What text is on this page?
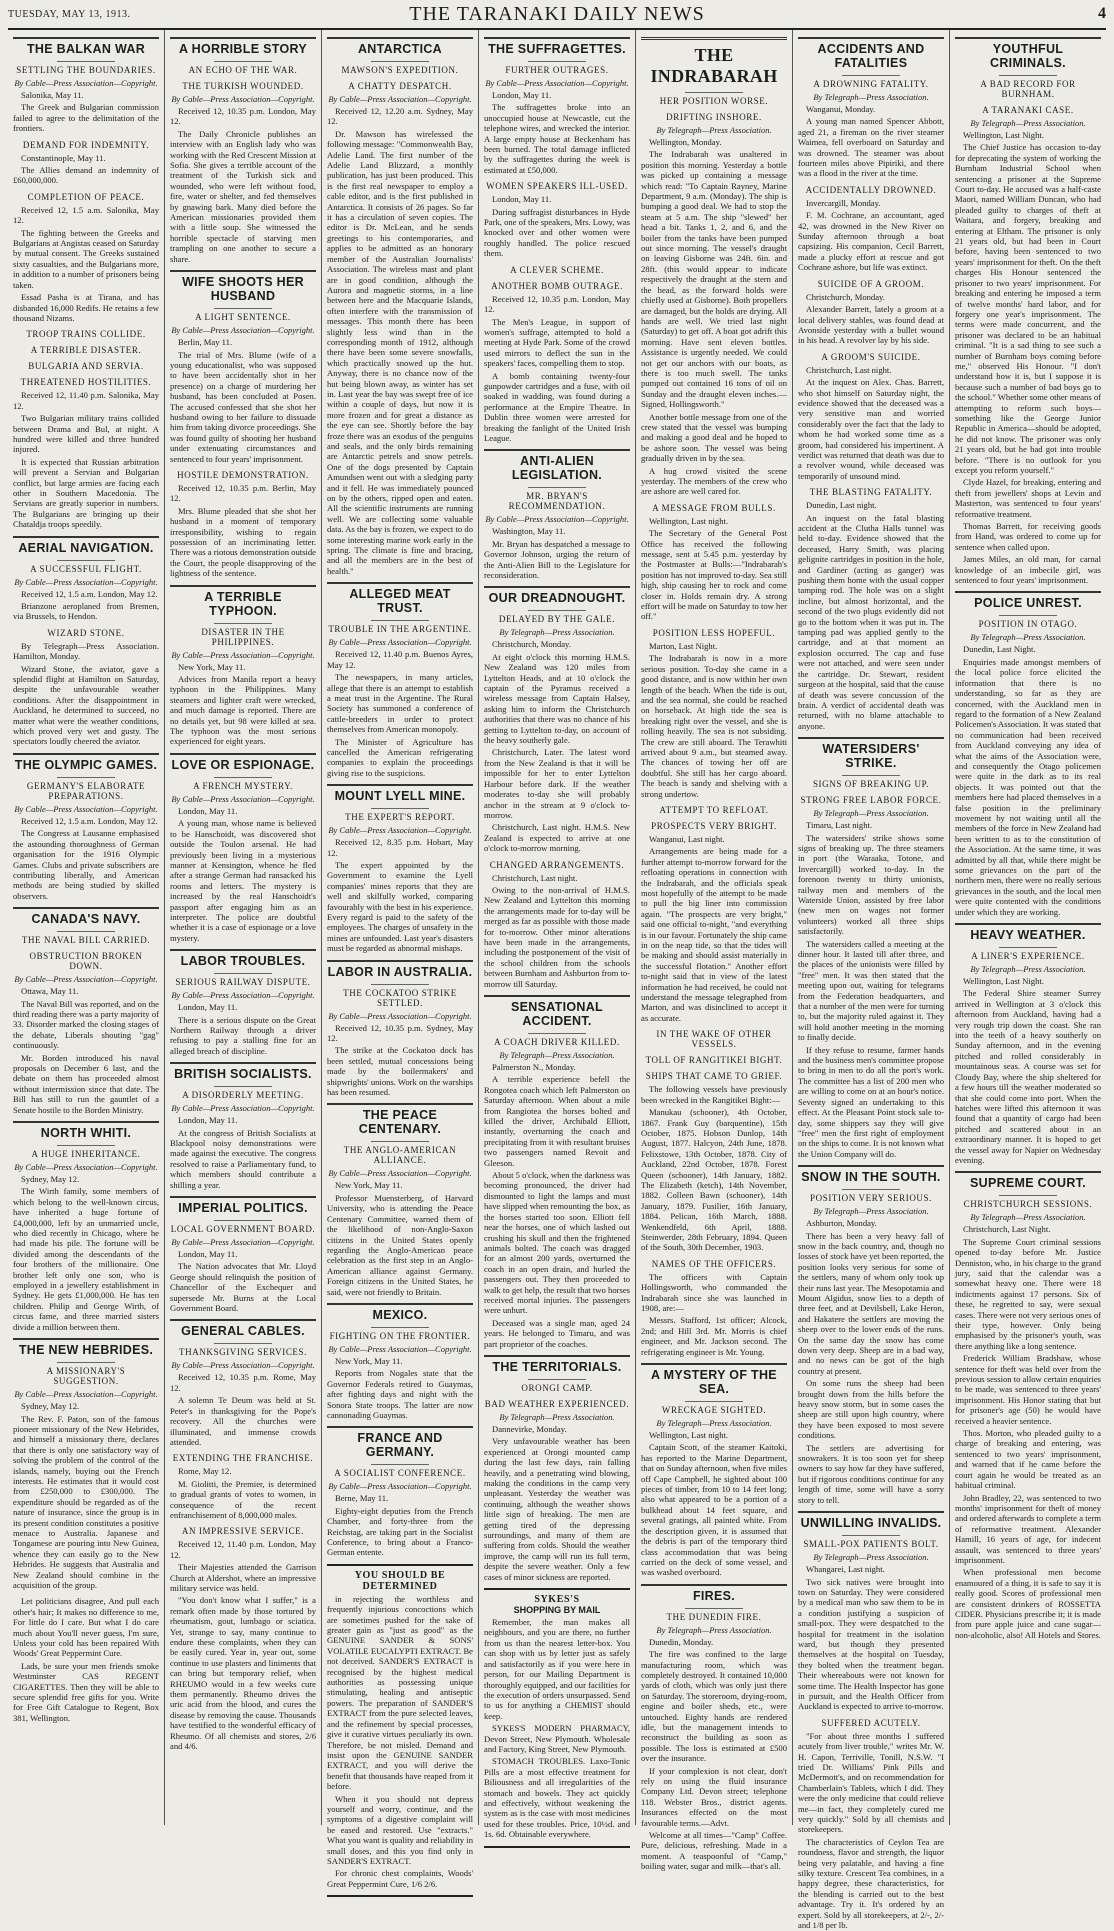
TUESDAY, MAY 13, 1913.	THE TARANAKI DAILY NEWS	4
THE BALKAN WAR
SETTLING THE BOUNDARIES.
By Cable—Press Association—Copyright.
Salonika, May 11.
The Greek and Bulgarian commission failed to agree to the delimitation of the frontiers.
DEMAND FOR INDEMNITY.
Constantinople, May 11.
The Allies demand an indemnity of £60,000,000.
COMPLETION OF PEACE.
Received 12, 1.5 a.m. Salonika, May 12.
The fighting between the Greeks and Bulgarians at Angistas ceased on Saturday by mutual consent. The Greeks sustained sixty casualties, and the Bulgarians more, in addition to a number of prisoners being taken.
Essad Pasha is at Tirana, and has disbanded 16,000 Redifs. He retains a few thousand Nizams.
TROOP TRAINS COLLIDE.
A TERRIBLE DISASTER.
BULGARIA AND SERVIA.
THREATENED HOSTILITIES.
Received 12, 11.40 p.m. Salonika, May 12.
Two Bulgarian military trains collided between Drama and Bul, at night. A hundred were killed and three hundred injured.
It is expected that Russian arbitration will prevent a Servian and Bulgarian conflict, but large armies are facing each other in Southern Macedonia. The Servians are greatly superior in numbers. The Bulgarians are bringing up their Chataldja troops speedily.
AERIAL NAVIGATION.
A SUCCESSFUL FLIGHT.
By Cable—Press Association—Copyright.
Received 12, 1.5 a.m. London, May 12.
Brianzone aeroplaned from Bremen, via Brussels, to Hendon.
WIZARD STONE.
By Telegraph—Press Association. Hamilton, Monday.
Wizard Stone, the aviator, gave a splendid flight at Hamilton on Saturday, despite the unfavourable weather conditions. After the disappointment in Auckland, he determined to succeed, no matter what were the weather conditions, which proved very wet and gusty. The spectators loudly cheered the aviator.
THE OLYMPIC GAMES.
GERMANY'S ELABORATE PREPARATIONS.
By Cable—Press Association—Copyright.
Received 12, 1.5 a.m. London, May 12.
The Congress at Lausanne emphasised the astounding thoroughness of German organisation for the 1916 Olympic Games. Clubs and private subscribers are contributing liberally, and American methods are being studied by skilled observers.
CANADA'S NAVY.
THE NAVAL BILL CARRIED.
OBSTRUCTION BROKEN DOWN.
By Cable—Press Association—Copyright.
Ottawa, May 11.
The Naval Bill was reported, and on the third reading there was a party majority of 33. Disorder marked the closing stages of the debate, Liberals shouting "gag" continuously.
Mr. Borden introduced his naval proposals on December 6 last, and the debate on them has proceeded almost without intermission since that date. The Bill has still to run the gauntlet of a Senate hostile to the Borden Ministry.
NORTH WHITI.
A HUGE INHERITANCE.
By Cable—Press Association—Copyright.
Sydney, May 12.
The Wirth family, some members of which belong to the well-known circus, have inherited a huge fortune of £4,000,000, left by an unmarried uncle, who died recently in Chicago, where he had made his pile. The fortune will be divided among the descendants of the four brothers of the millionaire. One brother left only one son, who is employed in a jewellery establishment in Sydney. He gets £1,000,000. He has ten children. Philip and George Wirth, of circus fame, and three married sisters divide a million between them.
THE NEW HEBRIDES.
A MISSIONARY'S SUGGESTION.
By Cable—Press Association—Copyright.
Sydney, May 12.
The Rev. F. Paton, son of the famous pioneer missionary of the New Hebrides, and himself a missionary there, declares that there is only one satisfactory way of solving the problem of the control of the islands, namely, buying out the French interests. He estimates that it would cost from £250,000 to £300,000. The expenditure should be regarded as of the nature of insurance, since the group is in its present condition constitutes a positive menace to Australia. Japanese and Tongamese are pouring into New Guinea, whence they can easily go to the New Hebrides. He suggests that Australia and New Zealand should combine in the acquisition of the group.
Let politicians disagree, And pull each other's hair; It makes no difference to me, For little do I care. But what I do care much about You'll never guess, I'm sure, Unless your cold has been repaired With Woods' Great Peppermint Cure.
Lads, be sure your men friends smoke Westminster CAS REGENT CIGARETTES. Then they will be able to secure splendid free gifts for you. Write for Free Gift Catalogue to Regent, Box 381, Wellington.
A HORRIBLE STORY
AN ECHO OF THE WAR.
THE TURKISH WOUNDED.
By Cable—Press Association—Copyright.
Received 12, 10.35 p.m. London, May 12.
The Daily Chronicle publishes an interview with an English lady who was working with the Red Crescent Mission at Sofia. She gives a terrible account of the treatment of the Turkish sick and wounded, who were left without food, fire, water or shelter, and fed themselves by gnawing bark. Many died before the American missionaries provided them with a little soup. She witnessed the horrible spectacle of starving men trampling on one another to secure a share.
WIFE SHOOTS HER HUSBAND
A LIGHT SENTENCE.
By Cable—Press Association—Copyright.
Berlin, May 11.
The trial of Mrs. Blume (wife of a young educationalist, who was supposed to have been accidentally shot in her presence) on a charge of murdering her husband, has been concluded at Posen. The accused confessed that she shot her husband owing to her failure to dissuade him from taking divorce proceedings. She was found guilty of shooting her husband under extenuating circumstances and sentenced to four years' imprisonment.
HOSTILE DEMONSTRATION.
Received 12, 10.35 p.m. Berlin, May 12.
Mrs. Blume pleaded that she shot her husband in a moment of temporary irresponsibility, wishing to regain possession of an incriminating letter. There was a riotous demonstration outside the Court, the people disapproving of the lightness of the sentence.
A TERRIBLE TYPHOON.
DISASTER IN THE PHILIPPINES.
By Cable—Press Association—Copyright.
New York, May 11.
Advices from Manila report a heavy typhoon in the Philippines. Many steamers and lighter craft were wrecked, and much damage is reported. There are no details yet, but 98 were killed at sea. The typhoon was the most serious experienced for eight years.
LOVE OR ESPIONAGE.
A FRENCH MYSTERY.
By Cable—Press Association—Copyright.
London, May 11.
A young man, whose name is believed to be Hanschoidt, was discovered shot outside the Toulon arsenal. He had previously been living in a mysterious manner at Kensington, whence he fled after a strange German had ransacked his rooms and letters. The mystery is increased by the real Hanschoidt's passport after engaging him as an interpreter. The police are doubtful whether it is a case of espionage or a love mystery.
LABOR TROUBLES.
SERIOUS RAILWAY DISPUTE.
By Cable—Press Association—Copyright.
London, May 11.
There is a serious dispute on the Great Northern Railway through a driver refusing to pay a stalling fine for an alleged breach of discipline.
BRITISH SOCIALISTS.
A DISORDERLY MEETING.
By Cable—Press Association—Copyright.
London, May 11.
At the congress of British Socialists at Blackpool noisy demonstrations were made against the executive. The congress resolved to raise a Parliamentary fund, to which members should contribute a shilling a year.
IMPERIAL POLITICS.
LOCAL GOVERNMENT BOARD.
By Cable—Press Association—Copyright.
London, May 11.
The Nation advocates that Mr. Lloyd George should relinquish the position of Chancellor of the Exchequer and supersede Mr. Burns at the Local Government Board.
GENERAL CABLES.
THANKSGIVING SERVICES.
By Cable—Press Association—Copyright.
Received 12, 10.35 p.m. Rome, May 12.
A solemn Te Deum was held at St. Peter's in thanksgiving for the Pope's recovery. All the churches were illuminated, and immense crowds attended.
EXTENDING THE FRANCHISE.
Rome, May 12.
M. Giolitti, the Premier, is determined to gradual grants of votes to women, in consequence of the recent enfranchisement of 8,000,000 males.
AN IMPRESSIVE SERVICE.
Received 12, 11.40 p.m. London, May 12.
Their Majesties attended the Garrison Church at Aldershot, where an impressive military service was held.
"You don't know what I suffer," is a remark often made by those tortured by rheumatism, gout, lumbago or sciatica. Yet, strange to say, many continue to endure these complaints, when they can be easily cured. Year in, year out, some continue to use plasters and liniments that can bring but temporary relief, when RHEUMO would in a few weeks cure them permanently. Rheumo drives the uric acid from the blood, and cures the disease by removing the cause. Thousands have testified to the wonderful efficacy of Rheumo. Of all chemists and stores, 2/6 and 4/6.
ANTARCTICA
MAWSON'S EXPEDITION.
A CHATTY DESPATCH.
By Cable—Press Association—Copyright.
Received 12, 12.20 a.m. Sydney, May 12.
Dr. Mawson has wirelessed the following message: "Commonwealth Bay, Adelie Land. The first number of the Adelie Land Blizzard, a monthly publication, has just been produced. This is the first real newspaper to employ a cable editor, and is the first published in Antarctica. It consists of 26 pages. So far it has a circulation of seven copies. The editor is Dr. McLean, and he sends greetings to his contemporaries, and applies to be admitted as an honorary member of the Australian Journalists' Association. The wireless mast and plant are in good condition, although the Aurora and magnetic storms, in a line between here and the Macquarie Islands, often interfere with the transmission of messages. This month there has been slightly less wind than in the corresponding month of 1912, although there have been some severe snowfalls, which practically snowed up the hut. Anyway, there is no chance now of the hut being blown away, as winter has set in. Last year the bay was swept free of ice within a couple of days, but now it is more frozen and for great a distance as the eye can see. Shortly before the bay froze there was an exodus of the penguins and seals, and the only birds remaining are Antarctic petrels and snow petrels. One of the dogs presented by Captain Amundsen went out with a sledging party and it fell. He was immediately pounced on by the others, ripped open and eaten. All the scientific instruments are running well. We are collecting some valuable data. As the bay is frozen, we expect to do some interesting marine work early in the spring. The climate is fine and bracing, and all the members are in the best of health."
ALLEGED MEAT TRUST.
TROUBLE IN THE ARGENTINE.
By Cable—Press Association—Copyright.
Received 12, 11.40 p.m. Buenos Ayres, May 12.
The newspapers, in many articles, allege that there is an attempt to establish a meat trust in the Argentine. The Rural Society has summoned a conference of cattle-breeders in order to protect themselves from American monopoly.
The Minister of Agriculture has cancelled the American refrigerating companies to explain the proceedings giving rise to the suspicions.
MOUNT LYELL MINE.
THE EXPERT'S REPORT.
By Cable—Press Association—Copyright.
Received 12, 8.35 p.m. Hobart, May 12.
The expert appointed by the Government to examine the Lyell companies' mines reports that they are well and skilfully worked, comparing favourably with the best in his experience. Every regard is paid to the safety of the employees. The charges of unsafety in the mines are unfounded. Last year's disasters must be regarded as abnormal mishaps.
LABOR IN AUSTRALIA.
THE COCKATOO STRIKE SETTLED.
By Cable—Press Association—Copyright.
Received 12, 10.35 p.m. Sydney, May 12.
The strike at the Cockatoo dock has been settled, mutual concessions being made by the boilermakers' and shipwrights' unions. Work on the warships has been resumed.
THE PEACE CENTENARY.
THE ANGLO-AMERICAN ALLIANCE.
By Cable—Press Association—Copyright.
New York, May 11.
Professor Muensterberg, of Harvard University, who is attending the Peace Centenary Committee, warned them of the likelihood of non-Anglo-Saxon citizens in the United States openly regarding the Anglo-American peace celebration as the first step in an Anglo-American alliance against Germany. Foreign citizens in the United States, he said, were not friendly to Britain.
MEXICO.
FIGHTING ON THE FRONTIER.
By Cable—Press Association—Copyright.
New York, May 11.
Reports from Nogales state that the Governor Federals retired to Guaymas, after fighting days and night with the Sonora State troops. The latter are now cannonading Guaymas.
FRANCE AND GERMANY.
A SOCIALIST CONFERENCE.
By Cable—Press Association—Copyright.
Berne, May 11.
Eighty-eight deputies from the French Chamber, and forty-three from the Reichstag, are taking part in the Socialist Conference, to bring about a Franco-German entente.
YOU SHOULD BE DETERMINED
in rejecting the worthless and frequently injurious concoctions which are sometimes pushed for the sake of greater gain as "just as good" as the GENUINE SANDER & SONS' VOLATILE EUCALYPTI EXTRACT. Be not deceived. SANDER'S EXTRACT is recognised by the highest medical authorities as possessing unique stimulating, healing and antiseptic powers. The preparation of SANDER'S EXTRACT from the pure selected leaves, and the refinement by special processes, give it curative virtues peculiarly its own. Therefore, be not misled. Demand and insist upon the GENUINE SANDER EXTRACT, and you will derive the benefit that thousands have reaped from it before.
When it you should not depress yourself and worry, continue, and the symptoms of a digestive complaint will be eased and restored. Use "extracts." What you want is quality and reliability in small doses, and this you find only in SANDER'S EXTRACT.
For chronic chest complaints, Woods' Great Peppermint Cure, 1/6 2/6.
THE SUFFRAGETTES.
FURTHER OUTRAGES.
By Cable—Press Association—Copyright.
London, May 11.
The suffragettes broke into an unoccupied house at Newcastle, cut the telephone wires, and wrecked the interior. A large empty house at Beckenham has been burned. The total damage inflicted by the suffragettes during the week is estimated at £50,000.
WOMEN SPEAKERS ILL-USED.
London, May 11.
During suffragist disturbances in Hyde Park, one of the speakers, Mrs. Lowy, was knocked over and other women were roughly handled. The police rescued them.
A CLEVER SCHEME.
ANOTHER BOMB OUTRAGE.
Received 12, 10.35 p.m. London, May 12.
The Men's League, in support of women's suffrage, attempted to hold a meeting at Hyde Park. Some of the crowd used mirrors to deflect the sun in the speakers' faces, compelling them to stop.
A bomb containing twenty-four gunpowder cartridges and a fuse, with oil soaked in wadding, was found during a performance at the Empire Theatre. In Dublin three women were arrested for breaking the fanlight of the United Irish League.
ANTI-ALIEN LEGISLATION.
MR. BRYAN'S RECOMMENDATION.
By Cable—Press Association—Copyright.
Washington, May 11.
Mr. Bryan has despatched a message to Governor Johnson, urging the return of the Anti-Alien Bill to the Legislature for reconsideration.
OUR DREADNOUGHT.
DELAYED BY THE GALE.
By Telegraph—Press Association.
Christchurch, Monday.
At eight o'clock this morning H.M.S. New Zealand was 120 miles from Lyttelton Heads, and at 10 o'clock the captain of the Pyramus received a wireless message from Captain Halsey, asking him to inform the Christchurch authorities that there was no chance of his getting to Lyttelton to-day, on account of the heavy southerly gale.
Christchurch, Later. The latest word from the New Zealand is that it will be impossible for her to enter Lyttelton Harbour before dark. If the weather moderates to-day she will probably anchor in the stream at 9 o'clock to-morrow.
Christchurch, Last night. H.M.S. New Zealand is expected to arrive at one o'clock to-morrow morning.
CHANGED ARRANGEMENTS.
Christchurch, Last night.
Owing to the non-arrival of H.M.S. New Zealand and Lyttelton this morning the arrangements made for to-day will be merged as far as possible with those made for to-morrow. Other minor alterations have been made in the arrangements, including the postponement of the visit of the school children from the schools between Burnham and Ashburton from to-morrow till Saturday.
SENSATIONAL ACCIDENT.
A COACH DRIVER KILLED.
By Telegraph—Press Association.
Palmerston N., Monday.
A terrible experience befell the Rongotea coach which left Palmerston on Saturday afternoon. When about a mile from Rangiotea the horses bolted and killed the driver, Archibald Elliott, instantly, overturning the coach and precipitating from it with resultant bruises two passengers named Revoit and Gleeson.
About 5 o'clock, when the darkness was becoming pronounced, the driver had dismounted to light the lamps and must have slipped when remounting the box, as the horses started too soon. Elliott fell near the horses, one of which lashed out crushing his skull and then the frightened animals bolted. The coach was dragged for an almost 200 yards, overturned the coach in an open drain, and hurled the passengers out. They then proceeded to walk to get help, the result that two horses received mortal injuries. The passengers were unhurt.
Deceased was a single man, aged 24 years. He belonged to Timaru, and was part proprietor of the coaches.
THE TERRITORIALS.
ORONGI CAMP.
BAD WEATHER EXPERIENCED.
By Telegraph—Press Association.
Dannevirke, Monday.
Very unfavourable weather has been experienced at Orongi mounted camp during the last few days, rain falling heavily, and a penetrating wind blowing, making the conditions in the camp very unpleasant. Yesterday the weather was continuing, although the weather shows little sign of breaking. The men are getting tired of the depressing surroundings, and many of them are suffering from colds. Should the weather improve, the camp will run its full term, despite the severe weather. Only a few cases of minor sickness are reported.
SYKES'S
SHOPPING BY MAIL
Remember, the man makes all neighbours, and you are there, no further from us than the nearest letter-box. You can shop with us by letter just as safely and satisfactorily as if you were here in person, for our Mailing Department is thoroughly equipped, and our facilities for the execution of orders unsurpassed. Send to us for anything a CHEMIST should keep.
SYKES'S MODERN PHARMACY, Devon Street, New Plymouth. Wholesale and Factory, King Street, New Plymouth.
STOMACH TROUBLES. Laxo-Tonic Pills are a most effective treatment for Biliousness and all irregularities of the stomach and bowels. They act quickly and effectively, without weakening the system as is the case with most medicines used for these troubles. Price, 10½d. and 1s. 6d. Obtainable everywhere.
THE INDRABARAH
HER POSITION WORSE.
DRIFTING INSHORE.
By Telegraph—Press Association.
Wellington, Monday.
The Indrabarah was unaltered in position this morning. Yesterday a bottle was picked up containing a message which read: "To Captain Rayney, Marine Department, 9 a.m. (Monday). The ship is bumping a good deal. We had to stop the steam at 5 a.m. The ship "slewed" her head a bit. Tanks 1, 2, and 6, and the boiler from the tanks have been pumped out since morning. The vessel's draught on leaving Gisborne was 24ft. 6in. and 28ft. (this would appear to indicate respectively the draught at the stern and the head, as the forward holds were chiefly used at Gisborne). Both propellers are damaged, but the holds are drying. All hands are well. We tried last night (Saturday) to get off. A boat got adrift this morning. Have sent eleven bottles. Assistance is urgently needed. We could not get our anchors with our boats, as there is too much swell. The tanks pumped out contained 16 tons of oil on Sunday and the draught eleven inches.—Signed, Hollingsworth."
Another bottle message from one of the crew stated that the vessel was bumping and making a good deal and he hoped to be ashore soon. The vessel was being gradually driven in by the sea.
A hug crowd visited the scene yesterday. The members of the crew who are ashore are well cared for.
A MESSAGE FROM BULLS.
Wellington, Last night.
The Secretary of the General Post Office has received the following message, sent at 5.45 p.m. yesterday by the Postmaster at Bulls:—"Indrabarah's position has not improved to-day. Sea still high, ship causing her to rock and come closer in. Holds remain dry. A strong effort will be made on Saturday to tow her off."
POSITION LESS HOPEFUL.
Marton, Last Night.
The Indrabarah is now in a more serious position. To-day she came in a good distance, and is now within her own length of the beach. When the tide is out, and the sea normal, she could be reached on horseback. At high tide the sea is breaking right over the vessel, and she is rolling heavily. The sea is not subsiding. The crew are still aboard. The Terawhiti arrived about 9 a.m., but steamed away. The chances of towing her off are doubtful. She still has her cargo aboard. The beach is sandy and shelving with a strong undertow.
ATTEMPT TO REFLOAT.
PROSPECTS VERY BRIGHT.
Wanganui, Last night.
Arrangements are being made for a further attempt to-morrow forward for the refloating operations in connection with the Indrabarah, and the officials speak most hopefully of the attempt to be made to pull the big liner into commission again. "The prospects are very bright," said one official to-night, "and everything is in our favour. Fortunately the ship came in on the neap tide, so that the tides will be making and should assist materially in the successful flotation." Another effort to-night said that in view of the latest information he had received, he could not understand the message telegraphed from Marton, and was disinclined to accept it as accurate.
IN THE WAKE OF OTHER VESSELS.
TOLL OF RANGITIKEI BIGHT.
SHIPS THAT CAME TO GRIEF.
The following vessels have previously been wrecked in the Rangitikei Bight:—
Manukau (schooner), 4th October, 1867. Frank Guy (barquentine), 15th October, 1875. Hobson Dunlop, 14th August, 1877. Halcyon, 24th June, 1878. Felixstowe, 13th October, 1878. City of Auckland, 22nd October, 1878. Forest Queen (schooner), 14th January, 1882. The Elizabeth (ketch), 14th November, 1882. Colleen Bawn (schooner), 14th January, 1879. Fusilier, 16th January, 1884. Pelican, 16th March, 1888. Wenkendfeld, 6th April, 1888. Steinwerder, 28th February, 1894. Queen of the South, 30th December, 1903.
NAMES OF THE OFFICERS.
The officers with Captain Hollingsworth, who commanded the Indrabarah since she was launched in 1908, are:—
Messrs. Stafford, 1st officer; Alcock, 2nd; and Hill 3rd. Mr. Morris is chief engineer, and Mr. Jackson second. The refrigerating engineer is Mr. Young.
A MYSTERY OF THE SEA.
WRECKAGE SIGHTED.
By Telegraph—Press Association.
Wellington, Last night.
Captain Scott, of the steamer Kaitoki, has reported to the Marine Department, that on Sunday afternoon, when five miles off Cape Campbell, he sighted about 100 pieces of timber, from 10 to 14 feet long; also what appeared to be a portion of a bulkhead about 14 feet square, and several gratings, all painted white. From the description given, it is assumed that the debris is part of the temporary third class accommodation that was being carried on the deck of some vessel, and was washed overboard.
FIRES.
THE DUNEDIN FIRE.
By Telegraph—Press Association.
Dunedin, Monday.
The fire was confined to the large manufacturing room, which was completely destroyed. It contained 10,000 yards of cloth, which was only just there on Saturday. The storeroom, drying-room, engine and boiler sheds, etc., were untouched. Eighty hands are rendered idle, but the management intends to reconstruct the building as soon as possible. The loss is estimated at £500 over the insurance.
If your complexion is not clear, don't rely on using the fluid insurance Company Ltd. Devon street; telephone 118. Webster Bros., district agents. Insurances effected on the most favourable terms.—Advt.
Welcome at all times—"Camp" Coffee. Pure, delicious, refreshing. Made in a moment. A teaspoonful of "Camp," boiling water, sugar and milk—that's all.
ACCIDENTS AND FATALITIES
A DROWNING FATALITY.
By Telegraph—Press Association.
Wanganui, Monday.
A young man named Spencer Abbott, aged 21, a fireman on the river steamer Waimea, fell overboard on Saturday and was drowned. The steamer was about fourteen miles above Pipiriki, and there was a flood in the river at the time.
ACCIDENTALLY DROWNED.
Invercargill, Monday.
F. M. Cochrane, an accountant, aged 42, was drowned in the New River on Sunday afternoon through a boat capsizing. His companion, Cecil Barrett, made a plucky effort at rescue and got Cochrane ashore, but life was extinct.
SUICIDE OF A GROOM.
Christchurch, Monday.
Alexander Barrett, lately a groom at a local delivery stables, was found dead at Avonside yesterday with a bullet wound in his head. A revolver lay by his side.
A GROOM'S SUICIDE.
Christchurch, Last night.
At the inquest on Alex. Chas. Barrett, who shot himself on Saturday night, the evidence showed that the deceased was a very sensitive man and worried considerably over the fact that the lady to whom he had worked some time as a groom, had considered his impertinent. A verdict was returned that death was due to a revolver wound, while deceased was temporarily of unsound mind.
THE BLASTING FATALITY.
Dunedin, Last night.
An inquest on the fatal blasting accident at the Clutha Halls tunnel was held to-day. Evidence showed that the deceased, Harry Smith, was placing gelignite cartridges in position in the hole, and Gardiner (acting as ganger) was pushing them home with the usual copper tamping rod. The hole was on a slight incline, but almost horizontal, and the second of the two plugs evidently did not go to the bottom when it was put in. The tamping pad was applied gently to the cartridge, and at that moment an explosion occurred. The cap and fuse were not attached, and were seen under the cartridge. Dr. Stewart, resident surgeon at the hospital, said that the cause of death was severe concussion of the brain. A verdict of accidental death was returned, with no blame attachable to anyone.
WATERSIDERS' STRIKE.
SIGNS OF BREAKING UP.
STRONG FREE LABOR FORCE.
By Telegraph—Press Association.
Timaru, Last night.
The watersiders' strike shows some signs of breaking up. The three steamers in port (the Waraaka, Totone, and Invercargill) worked to-day. In the forenoon twenty to thirty unionists, railway men and members of the Waterside Union, assisted by free labor (new men on wages not former volunteers) worked all three ships satisfactorily.
The watersiders called a meeting at the dinner hour. It lasted till after three, and the places of the unionists were filled by "free" men. It was then stated that the meeting upon out, waiting for telegrams from the Federation headquarters, and that a number of the men were for turning to, but the majority ruled against it. They will hold another meeting in the morning to finally decide.
If they refuse to resume, farmer hands and the business men's committee propose to bring in men to do all the port's work. The committee has a list of 200 men who are willing to come on at an hour's notice. Seventy signed an undertaking to this effect. At the Pleasant Point stock sale to-day, some shippers say they will give "free" men the first right of employment on the ships to come. It is not known what the Union Company will do.
SNOW IN THE SOUTH.
POSITION VERY SERIOUS.
By Telegraph—Press Association.
Ashburton, Monday.
There has been a very heavy fall of snow in the back country, and, though no losses of stock have yet been reported, the position looks very serious for some of the settlers, many of whom only took up their runs last year. The Mesopotamia and Mount Algidus, snow lies to a depth of three feet, and at Devilsbell, Lake Heron, and Hakatere the settlers are moving the sheep over to the lower ends of the runs. On the same day the snow has come down very deep. Sheep are in a bad way, and no news can be got of the high country at present.
On some runs the sheep had been brought down from the hills before the heavy snow storm, but in some cases the sheep are still upon high country, where they have been exposed to most severe conditions.
The settlers are advertising for snowrakers. It is too soon yet for sheep owners to say how far they have suffered, but if rigorous conditions continue for any length of time, some will have a sorry story to tell.
UNWILLING INVALIDS.
SMALL-POX PATIENTS BOLT.
By Telegraph—Press Association.
Whangarei, Last night.
Two sick natives were brought into town on Saturday. They were considered by a medical man who saw them to be in a condition justifying a suspicion of small-pox. They were despatched to the hospital for treatment in the isolation ward, but though they presented themselves at the hospital on Tuesday, they bolted when the treatment began. Their whereabouts were not known for some time. The Health Inspector has gone in pursuit, and the Health Officer from Auckland is expected to arrive to-morrow.
SUFFERED ACUTELY.
"For about three months I suffered acutely from liver trouble," writes Mr. W. H. Capon, Terriville, Tonill, N.S.W. "I tried Dr. Williams' Pink Pills and McDermott's, and on recommendation for Chamberlain's Tablets, which I did. They were the only medicine that could relieve me—in fact, they completely cured me very quickly." Sold by all chemists and storekeepers.
The characteristics of Ceylon Tea are roundness, flavor and strength, the liquor being very palatable, and having a fine silky texture. Crescent Tea combines, in a happy degree, these characteristics, for the blending is carried out to the best advantage. Try it. It's ordered by an expert. Sold by all storekeepers, at 2/-, 2/- and 1/8 per lb.
YOUTHFUL CRIMINALS.
A BAD RECORD FOR BURNHAM.
A TARANAKI CASE.
By Telegraph—Press Association.
Wellington, Last Night.
The Chief Justice has occasion to-day for deprecating the system of working the Burnham Industrial School when sentencing a prisoner at the Supreme Court to-day. He accused was a half-caste Maori, named William Duncan, who had pleaded guilty to charges of theft at Waitara, and forgery, breaking and entering at Eltham. The prisoner is only 21 years old, but had been in Court before, having been sentenced to two years' imprisonment for theft. On the theft charges His Honour sentenced the prisoner to two years' imprisonment. For breaking and entering he imposed a term of twelve months' hard labor, and for forgery one year's imprisonment. The terms were made concurrent, and the prisoner was declared to be an habitual criminal. "It is a sad thing to see such a number of Burnham boys coming before me," observed His Honour. "I don't understand how it is, but I suppose it is because such a number of bad boys go to the school." Whether some other means of attempting to reform such boys—something like the George Junior Republic in America—should be adopted, he did not know. The prisoner was only 21 years old, but he had got into trouble before. "There is no outlook for you except you reform yourself."
Clyde Hazel, for breaking, entering and theft from jewellers' shops at Levin and Masterton, was sentenced to four years' reformative treatment.
Thomas Barrett, for receiving goods from Hand, was ordered to come up for sentence when called upon.
James Miles, an old man, for carnal knowledge of an imbecile girl, was sentenced to four years' imprisonment.
POLICE UNREST.
POSITION IN OTAGO.
By Telegraph—Press Association.
Dunedin, Last Night.
Enquiries made amongst members of the local police force elicited the information that there is no understanding, so far as they are concerned, with the Auckland men in regard to the formation of a New Zealand Policemen's Association. It was stated that no communication had been received from Auckland conveying any idea of what the aims of the Association were, and consequently the Otago policemen were quite in the dark as to its real objects. It was pointed out that the members here had placed themselves in a false position in the preliminary movement by not waiting until all the members of the force in New Zealand had been written to as to the constitution of the Association. At the same time, it was admitted by all that, while there might be some grievances on the part of the northern men, there were no really serious grievances in the south, and the local men were quite contented with the conditions under which they are working.
HEAVY WEATHER.
A LINER'S EXPERIENCE.
By Telegraph—Press Association.
Wellington, Last Night.
The Federal Shire steamer Surrey arrived in Wellington at 3 o'clock this afternoon from Auckland, having had a very rough trip down the coast. She ran into the teeth of a heavy southerly on Sunday afternoon, and in the evening pitched and rolled considerably in mountainous seas. A course was set for Cloudy Bay, where the ship sheltered for a few hours till the weather moderated so that she could come into port. When the hatches were lifted this afternoon it was found that a quantity of cargo had been pitched and scattered about in an extraordinary manner. It is hoped to get the vessel away for Napier on Wednesday evening.
SUPREME COURT.
CHRISTCHURCH SESSIONS.
By Telegraph—Press Association.
Christchurch, Last Night.
The Supreme Court criminal sessions opened to-day before Mr. Justice Denniston, who, in his charge to the grand jury, said that the calendar was a somewhat heavy one. There were 18 indictments against 17 persons. Six of these, he regretted to say, were sexual cases. There were not very serious ones of their type, however. Only being emphasised by the prisoner's youth, was there anything like a long sentence.
Frederick William Bradshaw, whose sentence for theft was held over from the previous session to allow certain enquiries to be made, was sentenced to three years' imprisonment. His Honor stating that but for prisoner's age (50) he would have received a heavier sentence.
Thos. Morton, who pleaded guilty to a charge of breaking and entering, was sentenced to two years' imprisonment, and warned that if he came before the court again he would be treated as an habitual criminal.
John Bradley, 22, was sentenced to two months' imprisonment for theft of money and ordered afterwards to complete a term of reformative treatment. Alexander Hamill, 16 years of age, for indecent assault, was sentenced to three years' imprisonment.
When professional men become enamoured of a thing, it is safe to say it is really good. Scores of professional men are consistent drinkers of ROSSETTA CIDER. Physicians prescribe it; it is made from pure apple juice and cane sugar—non-alcoholic, also! All Hotels and Stores.
